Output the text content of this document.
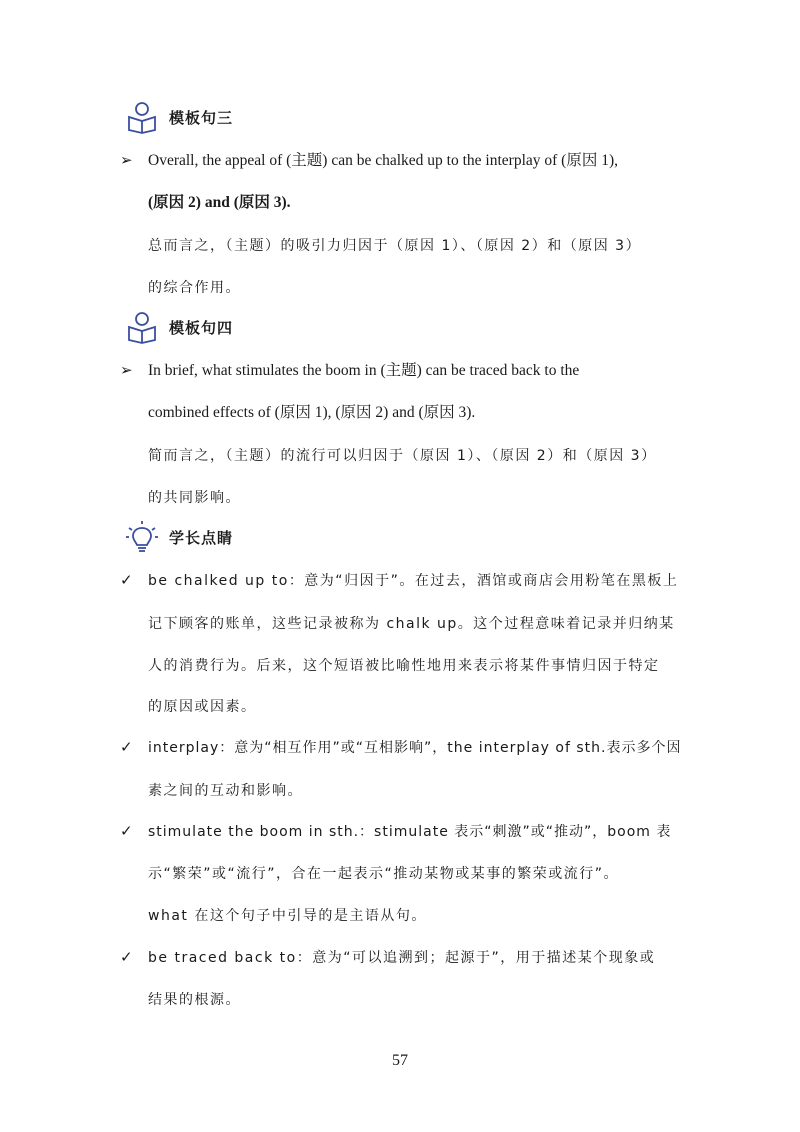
模板句三
➢ Overall, the appeal of (主题) can be chalked up to the interplay of (原因 1),
(原因 2) and (原因 3).
总而言之，（主题）的吸引力归因于（原因 1）、（原因 2）和（原因 3）
的综合作用。
模板句四
➢ In brief, what stimulates the boom in (主题) can be traced back to the
combined effects of (原因 1), (原因 2) and (原因 3).
简而言之，（主题）的流行可以归因于（原因 1）、（原因 2）和（原因 3）
的共同影响。
学长点睛
✓ be chalked up to：意为“归因于”。在过去，酒馆或商店会用粉笔在黑板上
记下顾客的账单，这些记录被称为 chalk up。这个过程意味着记录并归纳某
人的消费行为。后来，这个短语被比喻性地用来表示将某件事情归因于特定
的原因或因素。
✓ interplay：意为“相互作用”或“互相影响”，the interplay of sth.表示多个因
素之间的互动和影响。
✓ stimulate the boom in sth.：stimulate 表示“刺激”或“推动”，boom 表
示“繁荣”或“流行”，合在一起表示“推动某物或某事的繁荣或流行”。
what 在这个句子中引导的是主语从句。
✓ be traced back to：意为“可以追溯到；起源于”，用于描述某个现象或
结果的根源。
57
